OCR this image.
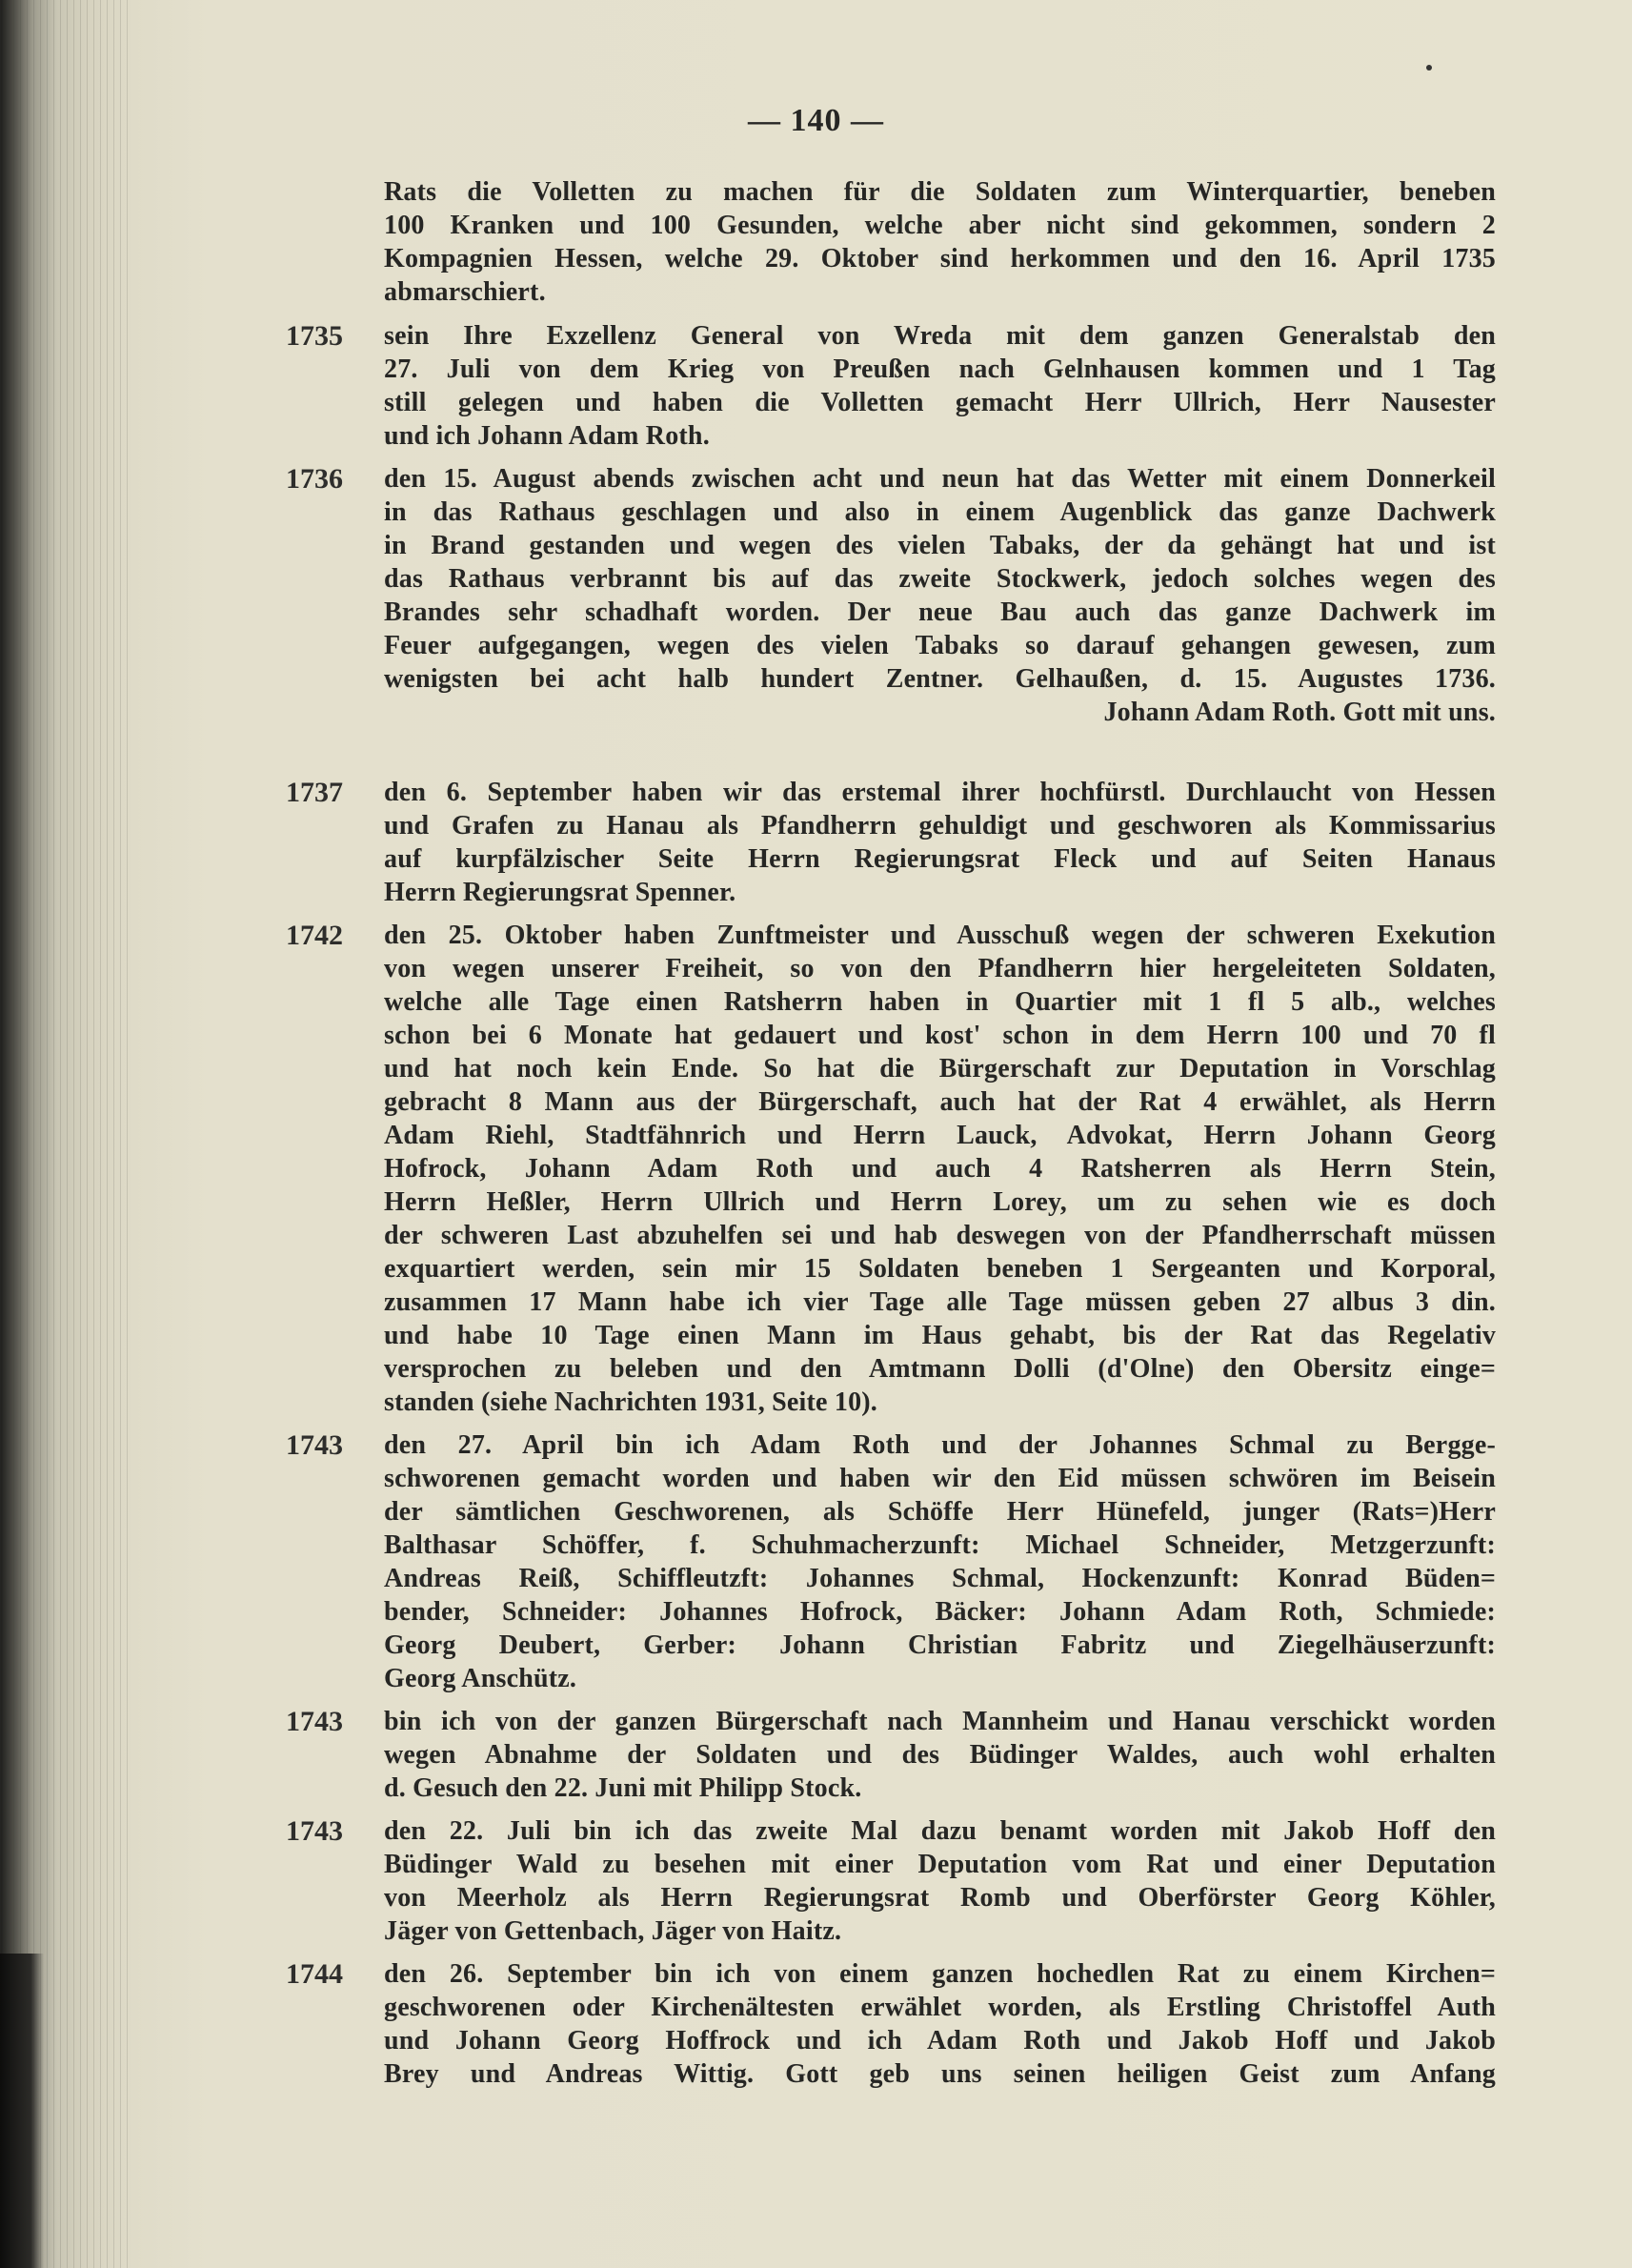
— 140 —
Rats die Volletten zu machen für die Soldaten zum Winterquartier, beneben
100 Kranken und 100 Gesunden, welche aber nicht sind gekommen, sondern 2
Kompagnien Hessen, welche 29. Oktober sind herkommen und den 16. April 1735
abmarschiert.
1735 sein Ihre Exzellenz General von Wreda mit dem ganzen Generalstab den
27. Juli von dem Krieg von Preußen nach Gelnhausen kommen und 1 Tag
still gelegen und haben die Volletten gemacht Herr Ullrich, Herr Nausester
und ich Johann Adam Roth.
1736 den 15. August abends zwischen acht und neun hat das Wetter mit einem Donnerkeil
in das Rathaus geschlagen und also in einem Augenblick das ganze Dachwerk
in Brand gestanden und wegen des vielen Tabaks, der da gehängt hat und ist
das Rathaus verbrannt bis auf das zweite Stockwerk, jedoch solches wegen des
Brandes sehr schadhaft worden. Der neue Bau auch das ganze Dachwerk im
Feuer aufgegangen, wegen des vielen Tabaks so darauf gehangen gewesen, zum
wenigsten bei acht halb hundert Zentner. Gelhaußen, d. 15. Augustes 1736.
Johann Adam Roth. Gott mit uns.
1737 den 6. September haben wir das erstemal ihrer hochfürstl. Durchlaucht von Hessen
und Grafen zu Hanau als Pfandherrn gehuldigt und geschworen als Kommissarius
auf kurpfälzischer Seite Herrn Regierungsrat Fleck und auf Seiten Hanaus
Herrn Regierungsrat Spenner.
1742 den 25. Oktober haben Zunftmeister und Ausschuß wegen der schweren Exekution
von wegen unserer Freiheit, so von den Pfandherrn hier hergeleiteten Soldaten,
welche alle Tage einen Ratsherrn haben in Quartier mit 1 fl 5 alb., welches
schon bei 6 Monate hat gedauert und kost' schon in dem Herrn 100 und 70 fl
und hat noch kein Ende. So hat die Bürgerschaft zur Deputation in Vorschlag
gebracht 8 Mann aus der Bürgerschaft, auch hat der Rat 4 erwählet, als Herrn
Adam Riehl, Stadtfähnrich und Herrn Lauck, Advokat, Herrn Johann Georg
Hofrock, Johann Adam Roth und auch 4 Ratsherren als Herrn Stein,
Herrn Heßler, Herrn Ullrich und Herrn Lorey, um zu sehen wie es doch
der schweren Last abzuhelfen sei und hab deswegen von der Pfandherrschaft müssen
exquartiert werden, sein mir 15 Soldaten beneben 1 Sergeanten und Korporal,
zusammen 17 Mann habe ich vier Tage alle Tage müssen geben 27 albus 3 din.
und habe 10 Tage einen Mann im Haus gehabt, bis der Rat das Regelativ
versprochen zu beleben und den Amtmann Dolli (d'Olne) den Obersitz einge=
standen (siehe Nachrichten 1931, Seite 10).
1743 den 27. April bin ich Adam Roth und der Johannes Schmal zu Bergge-
schworenen gemacht worden und haben wir den Eid müssen schwören im Beisein
der sämtlichen Geschworenen, als Schöffe Herr Hünefeld, junger (Rats=)Herr
Balthasar Schöffer, f. Schuhmacherzunft: Michael Schneider, Metzgerzunft:
Andreas Reiß, Schiffleutzft: Johannes Schmal, Hockenzunft: Konrad Büden=
bender, Schneider: Johannes Hofrock, Bäcker: Johann Adam Roth, Schmiede:
Georg Deubert, Gerber: Johann Christian Fabritz und Ziegelhäuserzunft:
Georg Anschütz.
1743 bin ich von der ganzen Bürgerschaft nach Mannheim und Hanau verschickt worden
wegen Abnahme der Soldaten und des Büdinger Waldes, auch wohl erhalten
d. Gesuch den 22. Juni mit Philipp Stock.
1743 den 22. Juli bin ich das zweite Mal dazu benamt worden mit Jakob Hoff den
Büdinger Wald zu besehen mit einer Deputation vom Rat und einer Deputation
von Meerholz als Herrn Regierungsrat Romb und Oberförster Georg Köhler,
Jäger von Gettenbach, Jäger von Haitz.
1744 den 26. September bin ich von einem ganzen hochedlen Rat zu einem Kirchen=
geschworenen oder Kirchenältesten erwählet worden, als Erstling Christoffel Auth
und Johann Georg Hoffrock und ich Adam Roth und Jakob Hoff und Jakob
Brey und Andreas Wittig. Gott geb uns seinen heiligen Geist zum Anfang
